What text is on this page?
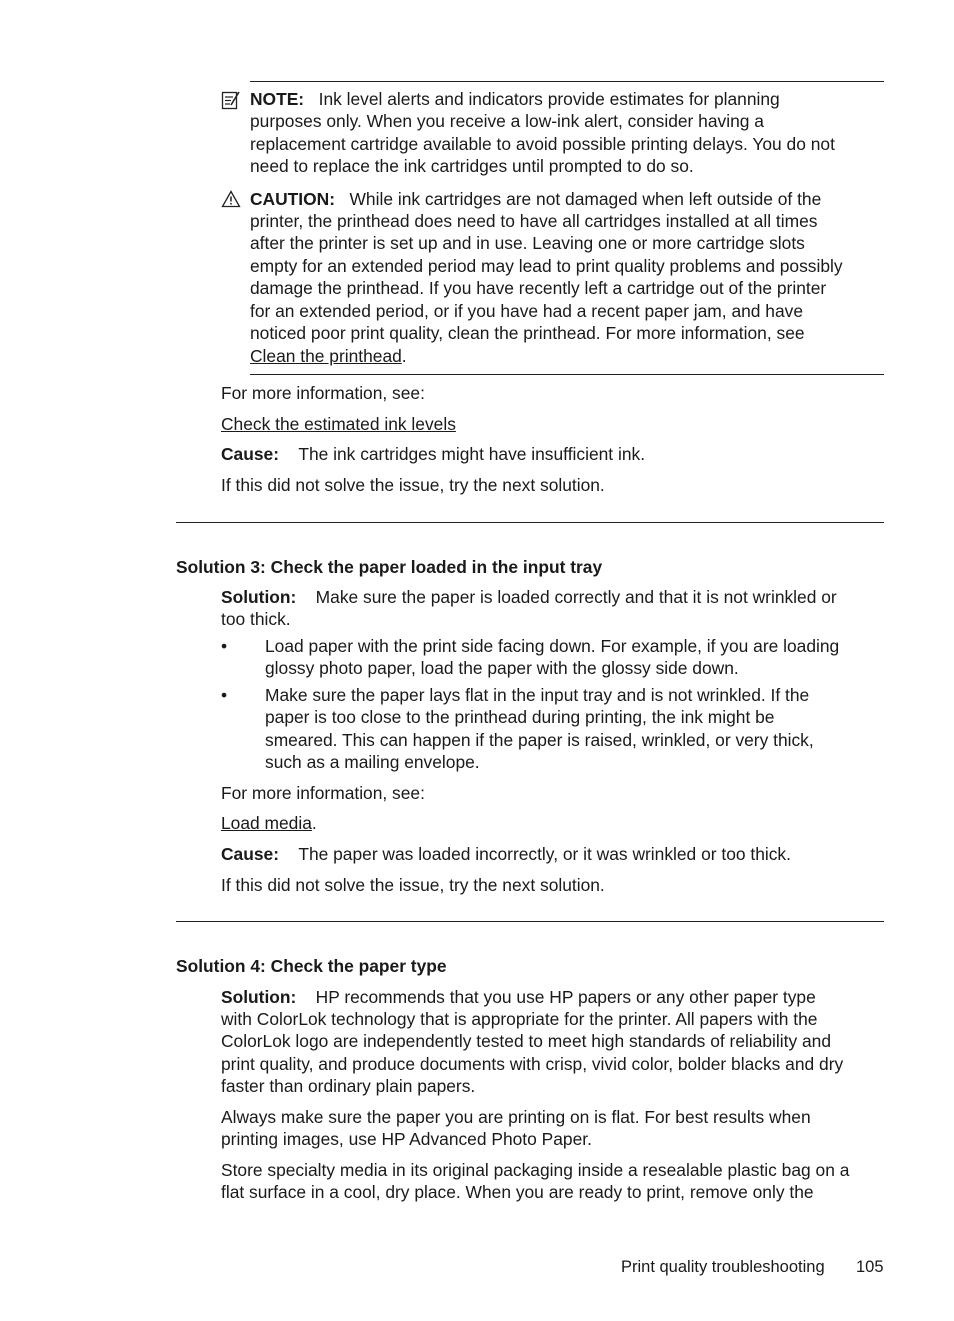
NOTE: Ink level alerts and indicators provide estimates for planning
purposes only. When you receive a low-ink alert, consider having a
replacement cartridge available to avoid possible printing delays. You do not
need to replace the ink cartridges until prompted to do so.
CAUTION: While ink cartridges are not damaged when left outside of the
printer, the printhead does need to have all cartridges installed at all times
after the printer is set up and in use. Leaving one or more cartridge slots
empty for an extended period may lead to print quality problems and possibly
damage the printhead. If you have recently left a cartridge out of the printer
for an extended period, or if you have had a recent paper jam, and have
noticed poor print quality, clean the printhead. For more information, see
Clean the printhead.
For more information, see:
Check the estimated ink levels
Cause: The ink cartridges might have insufficient ink.
If this did not solve the issue, try the next solution.
Solution 3: Check the paper loaded in the input tray
Solution: Make sure the paper is loaded correctly and that it is not wrinkled or
too thick.
• Load paper with the print side facing down. For example, if you are loading
glossy photo paper, load the paper with the glossy side down.
• Make sure the paper lays flat in the input tray and is not wrinkled. If the
paper is too close to the printhead during printing, the ink might be
smeared. This can happen if the paper is raised, wrinkled, or very thick,
such as a mailing envelope.
For more information, see:
Load media.
Cause: The paper was loaded incorrectly, or it was wrinkled or too thick.
If this did not solve the issue, try the next solution.
Solution 4: Check the paper type
Solution: HP recommends that you use HP papers or any other paper type
with ColorLok technology that is appropriate for the printer. All papers with the
ColorLok logo are independently tested to meet high standards of reliability and
print quality, and produce documents with crisp, vivid color, bolder blacks and dry
faster than ordinary plain papers.
Always make sure the paper you are printing on is flat. For best results when
printing images, use HP Advanced Photo Paper.
Store specialty media in its original packaging inside a resealable plastic bag on a
flat surface in a cool, dry place. When you are ready to print, remove only the
Print quality troubleshooting 105
